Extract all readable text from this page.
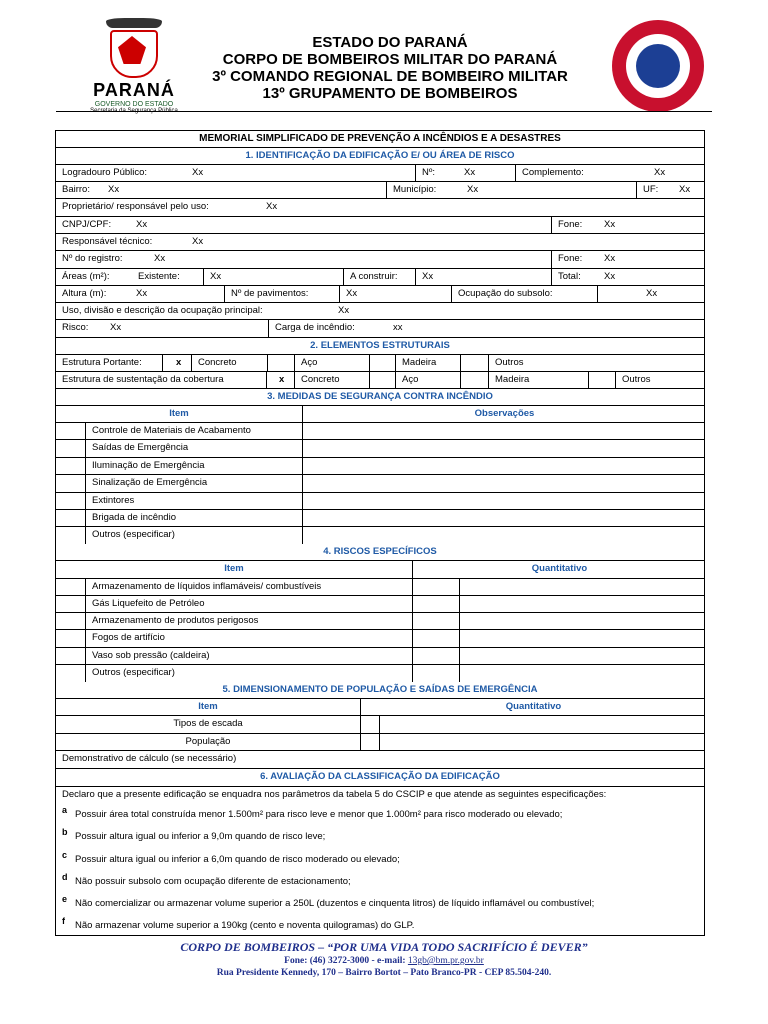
PARANÁ
GOVERNO DO ESTADO
Secretaria da Segurança Pública
ESTADO DO PARANÁ
CORPO DE BOMBEIROS MILITAR DO PARANÁ
3º COMANDO REGIONAL DE BOMBEIRO MILITAR
13º GRUPAMENTO DE BOMBEIROS
MEMORIAL SIMPLIFICADO DE PREVENÇÃO A INCÊNDIOS E A DESASTRES
1. IDENTIFICAÇÃO DA EDIFICAÇÃO E/ OU ÁREA DE RISCO
Logradouro Público:	Xx	Nº:	Xx	Complemento:	Xx
Bairro: Xx	Município:	Xx	UF: Xx
Proprietário/ responsável pelo uso:	Xx
CNPJ/CPF:	Xx	Fone: Xx
Responsável técnico:	Xx
Nº do registro:	Xx	Fone: Xx
Áreas (m²):	Existente:	Xx	A construir:	Xx	Total: Xx
Altura (m):	Xx	Nº de pavimentos:	Xx	Ocupação do subsolo:	Xx
Uso, divisão e descrição da ocupação principal:	Xx
Risco: Xx	Carga de incêndio:	xx
2. ELEMENTOS ESTRUTURAIS
Estrutura Portante:	x	Concreto	Aço	Madeira	Outros
Estrutura de sustentação da cobertura	x	Concreto	Aço	Madeira	Outros
3. MEDIDAS DE SEGURANÇA CONTRA INCÊNDIO
Item	Observações
Controle de Materiais de Acabamento
Saídas de Emergência
Iluminação de Emergência
Sinalização de Emergência
Extintores
Brigada de incêndio
Outros (especificar)
4. RISCOS ESPECÍFICOS
Item	Quantitativo
Armazenamento de líquidos inflamáveis/ combustíveis
Gás Liquefeito de Petróleo
Armazenamento de produtos perigosos
Fogos de artifício
Vaso sob pressão (caldeira)
Outros (especificar)
5. DIMENSIONAMENTO DE POPULAÇÃO E SAÍDAS DE EMERGÊNCIA
Item	Quantitativo
Tipos de escada
População
Demonstrativo de cálculo (se necessário)
6. AVALIAÇÃO DA CLASSIFICAÇÃO DA EDIFICAÇÃO
Declaro que a presente edificação se enquadra nos parâmetros da tabela 5 do CSCIP e que atende as seguintes especificações:
a Possuir área total construída menor 1.500m² para risco leve e menor que 1.000m² para risco moderado ou elevado;
b Possuir altura igual ou inferior a 9,0m quando de risco leve;
c Possuir altura igual ou inferior a 6,0m quando de risco moderado ou elevado;
d Não possuir subsolo com ocupação diferente de estacionamento;
e Não comercializar ou armazenar volume superior a 250L (duzentos e cinquenta litros) de líquido inflamável ou combustível;
f Não armazenar volume superior a 190kg (cento e noventa quilogramas) do GLP.
CORPO DE BOMBEIROS – “POR UMA VIDA TODO SACRIFÍCIO É DEVER”
Fone: (46) 3272-3000 - e-mail: 13gb@bm.pr.gov.br
Rua Presidente Kennedy, 170 – Bairro Bortot – Pato Branco-PR - CEP 85.504-240.
